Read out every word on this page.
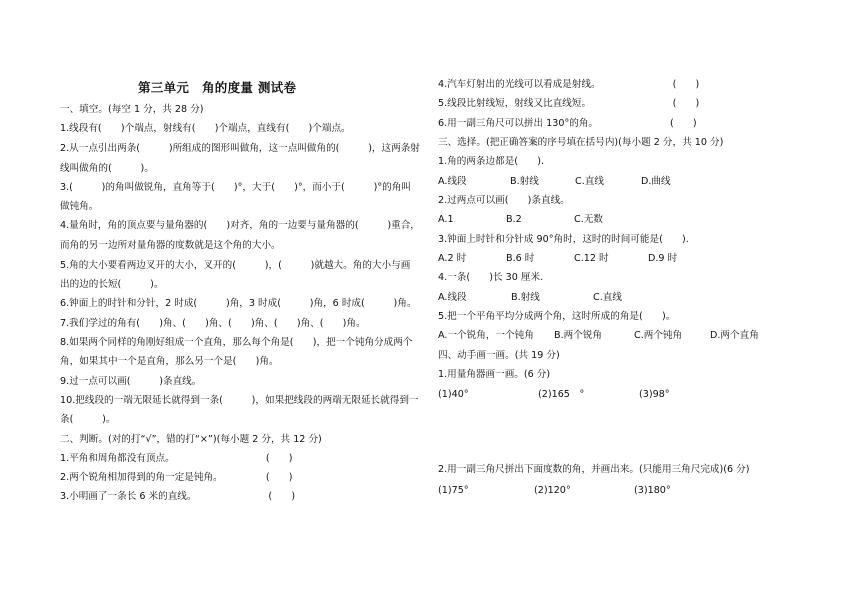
第三单元　角的度量 测试卷
一、填空。(每空 1 分，共 28 分)
1.线段有(　　)个端点，射线有(　　)个端点，直线有(　　)个端点。
2.从一点引出两条(　　　)所组成的图形叫做角，这一点叫做角的(　　　)，这两条射
线叫做角的(　　　)。
3.(　　　)的角叫做锐角，直角等于(　　)°，大于(　　)°，而小于(　　　)°的角叫
做钝角。
4.量角时，角的顶点要与量角器的(　　)对齐，角的一边要与量角器的(　　　)重合，
而角的另一边所对量角器的度数就是这个角的大小。
5.角的大小要看两边叉开的大小，叉开的(　　　)，(　　　)就越大。角的大小与画
出的边的长短(　　　)。
6.钟面上的时针和分针，2 时成(　　　)角，3 时成(　　　)角，6 时成(　　　)角。
7.我们学过的角有(　　)角、(　　)角、(　　)角、(　　)角、(　　)角。
8.如果两个同样的角刚好组成一个直角，那么每个角是(　　)，把一个钝角分成两个
角，如果其中一个是直角，那么另一个是(　　)角。
9.过一点可以画(　　　)条直线。
10.把线段的一端无限延长就得到一条(　　　)，如果把线段的两端无限延长就得到一
条(　　　)。
二、判断。(对的打“√”，错的打“×”)(每小题 2 分，共 12 分)
1.平角和周角都没有顶点。　　　　　　　　　　(　　)
2.两个锐角相加得到的角一定是钝角。　　　　　(　　)
3.小明画了一条长 6 米的直线。　　　　　　　　(　　)
4.汽车灯射出的光线可以看成是射线。　　　　　　　　(　　)
5.线段比射线短，射线又比直线短。　　　　　　　　　(　　)
6.用一副三角尺可以拼出 130°的角。　　　　　　　　(　　)
三、选择。(把正确答案的序号填在括号内)(每小题 2 分，共 10 分)
1.角的两条边都是(　　).
A.线段	B.射线	C.直线	D.曲线
2.过两点可以画(　　)条直线。
A.1	B.2	C.无数
3.钟面上时针和分针成 90°角时，这时的时间可能是(　　).
A.2 时	B.6 时	C.12 时	D.9 时
4.一条(　　)长 30 厘米.
A.线段	B.射线	C.直线
5.把一个平角平均分成两个角，这时所成的角是(　　)。
A.一个锐角，一个钝角 B.两个锐角	C.两个钝角	D.两个直角
四、动手画一画。(共 19 分)
1.用量角器画一画。(6 分)
(1)40°	(2)165　°	(3)98°
2.用一副三角尺拼出下面度数的角，并画出来。(只能用三角尺完成)(6 分)
(1)75°	(2)120°	(3)180°
